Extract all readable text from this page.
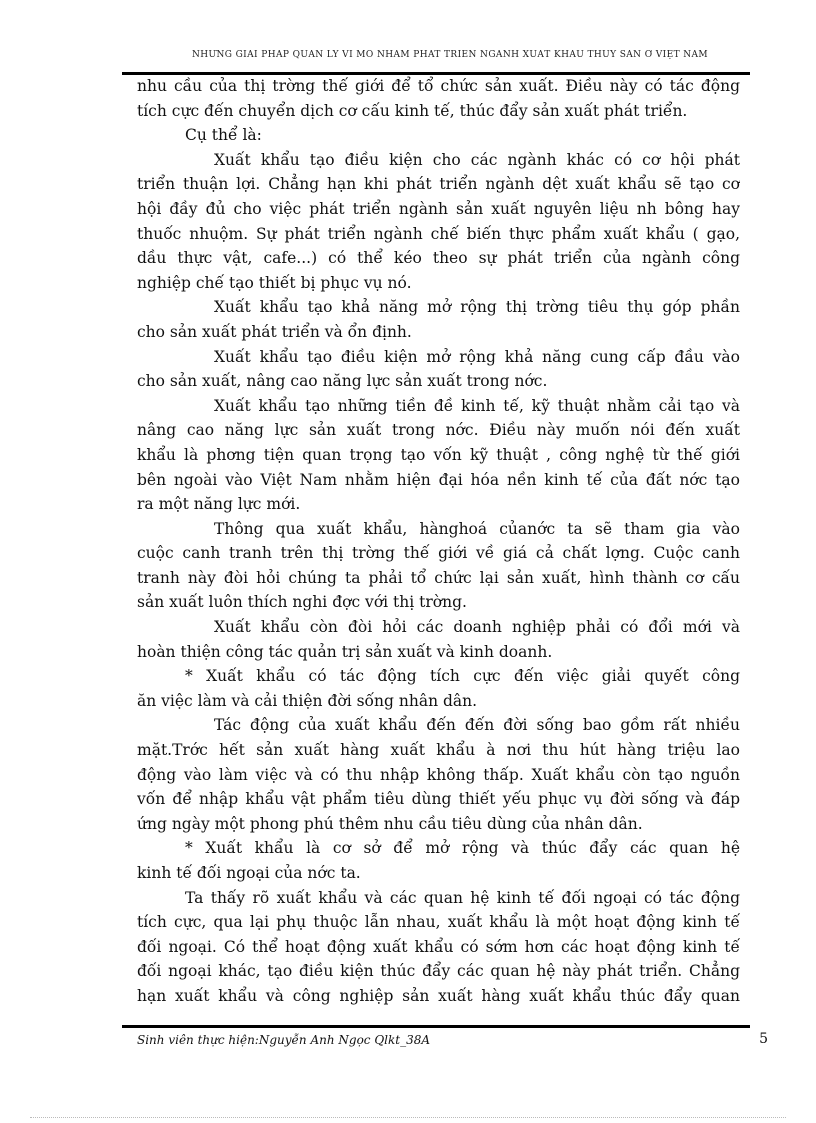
NHỮNG GIẢI PHÁP QUẢN LÝ VĨ MÔ NHẰM PHÁT TRIỂN NGÀNH XUẤT KHẨU THUỶ SẢN Ở VIỆT NAM
nhu cầu của thị trờng thế giới để tổ chức sản xuất. Điều này có tác động
tích cực đến chuyển dịch cơ cấu kinh tế, thúc đẩy sản xuất phát triển.
Cụ thể là:
Xuất khẩu tạo điều kiện cho các ngành khác có cơ hội phát
triển thuận lợi. Chẳng hạn khi phát triển ngành dệt xuất khẩu sẽ tạo cơ
hội đầy đủ cho việc phát triển ngành sản xuất nguyên liệu nh bông hay
thuốc nhuộm. Sự phát triển ngành chế biến thực phẩm xuất khẩu ( gạo,
dầu thực vật, cafe...) có thể kéo theo sự phát triển của ngành công
nghiệp chế tạo thiết bị phục vụ nó.
Xuất khẩu tạo khả năng mở rộng thị trờng tiêu thụ góp phần
cho sản xuất phát triển và ổn định.
Xuất khẩu tạo điều kiện mở rộng khả năng cung cấp đầu vào
cho sản xuất, nâng cao năng lực sản xuất trong nớc.
Xuất khẩu tạo những tiền đề kinh tế, kỹ thuật nhằm cải tạo và
nâng cao năng lực sản xuất trong nớc. Điều này muốn nói đến xuất
khẩu là phơng tiện quan trọng tạo vốn kỹ thuật , công nghệ từ thế giới
bên ngoài vào Việt Nam nhằm hiện đại hóa nền kinh tế của đất nớc tạo
ra một năng lực mới.
Thông qua xuất khẩu, hànghoá củanớc ta sẽ tham gia vào
cuộc canh tranh trên thị trờng thế giới về giá cả chất lợng. Cuộc canh
tranh này đòi hỏi chúng ta phải tổ chức lại sản xuất, hình thành cơ cấu
sản xuất luôn thích nghi đợc với thị trờng.
Xuất khẩu còn đòi hỏi các doanh nghiệp phải có đổi mới và
hoàn thiện công tác quản trị sản xuất và kinh doanh.
* Xuất khẩu có tác động tích cực đến việc giải quyết công
ăn việc làm và cải thiện đời sống nhân dân.
Tác động của xuất khẩu đến đến đời sống bao gồm rất nhiều
mặt.Trớc hết sản xuất hàng xuất khẩu à nơi thu hút hàng triệu lao
động vào làm việc và có thu nhập không thấp. Xuất khẩu còn tạo nguồn
vốn để nhập khẩu vật phẩm tiêu dùng thiết yếu phục vụ đời sống và đáp
ứng ngày một phong phú thêm nhu cầu tiêu dùng của nhân dân.
* Xuất khẩu là cơ sở để mở rộng và thúc đẩy các quan hệ
kinh tế đối ngoại của nớc ta.
Ta thấy rõ xuất khẩu và các quan hệ kinh tế đối ngoại có tác động
tích cực, qua lại phụ thuộc lẫn nhau, xuất khẩu là một hoạt động kinh tế
đối ngoại. Có thể hoạt động xuất khẩu có sớm hơn các hoạt động kinh tế
đối ngoại khác, tạo điều kiện thúc đẩy các quan hệ này phát triển. Chẳng
hạn xuất khẩu và công nghiệp sản xuất hàng xuất khẩu thúc đẩy quan
Sinh viên thực hiện:Nguyễn Anh Ngọc Qlkt_38A	5
